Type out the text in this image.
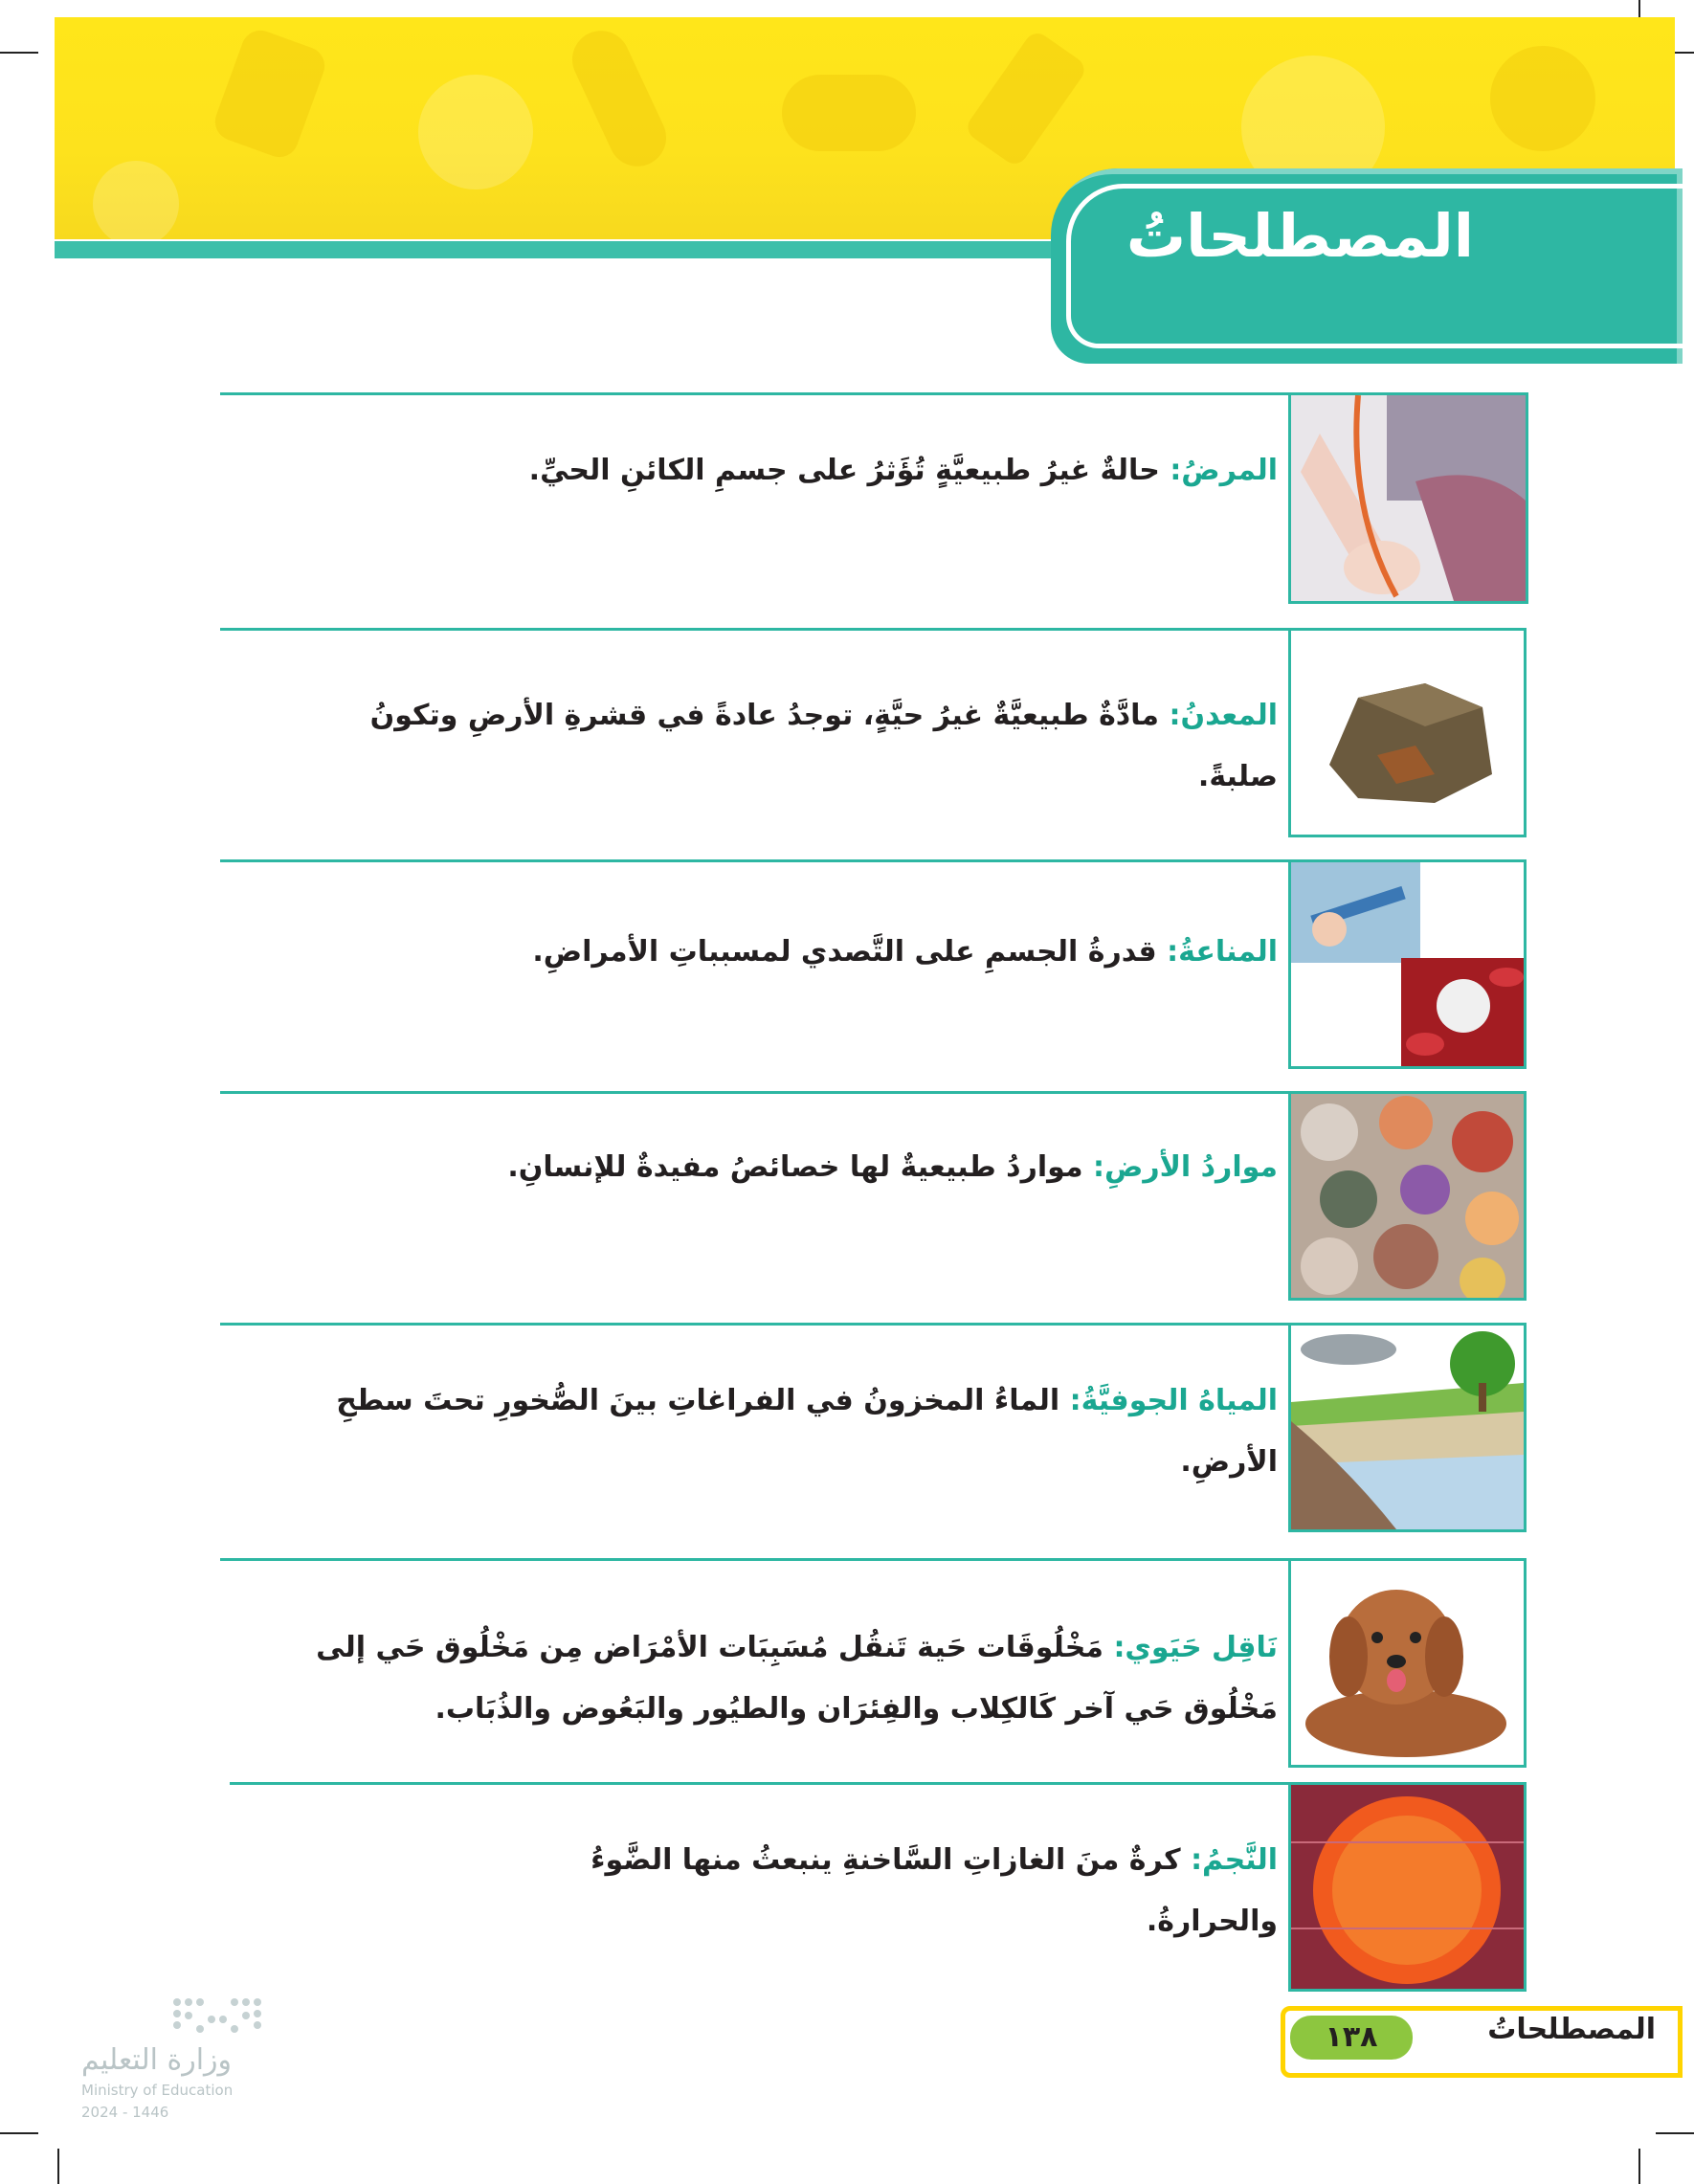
المصطلحاتُ
المرضُ: حالةٌ غيرُ طبيعيَّةٍ تُؤَثرُ على جسمِ الكائنِ الحيِّ.
المعدنُ: مادَّةٌ طبيعيَّةٌ غيرُ حيَّةٍ، توجدُ عادةً في قشرةِ الأرضِ وتكونُ صلبةً.
المناعةُ: قدرةُ الجسمِ على التَّصدي لمسبباتِ الأمراضِ.
مواردُ الأرضِ: مواردُ طبيعيةٌ لها خصائصُ مفيدةٌ للإنسانِ.
المياهُ الجوفيَّةُ: الماءُ المخزونُ في الفراغاتِ بينَ الصُّخورِ تحتَ سطحِ الأرضِ.
نَاقِل حَيَوي: مَخْلُوقَات حَية تَنقُل مُسَبِبَات الأمْرَاض مِن مَخْلُوق حَي إلى مَخْلُوق حَي آخر كَالكِلاب والفِئرَان والطيُور والبَعُوض والذُبَاب.
النَّجمُ: كرةٌ منَ الغازاتِ السَّاخنةِ ينبعثُ منها الضَّوءُ والحرارةُ.
المصطلحاتُ
١٣٨
وزارة التعليم
Ministry of Education
2024 - 1446
